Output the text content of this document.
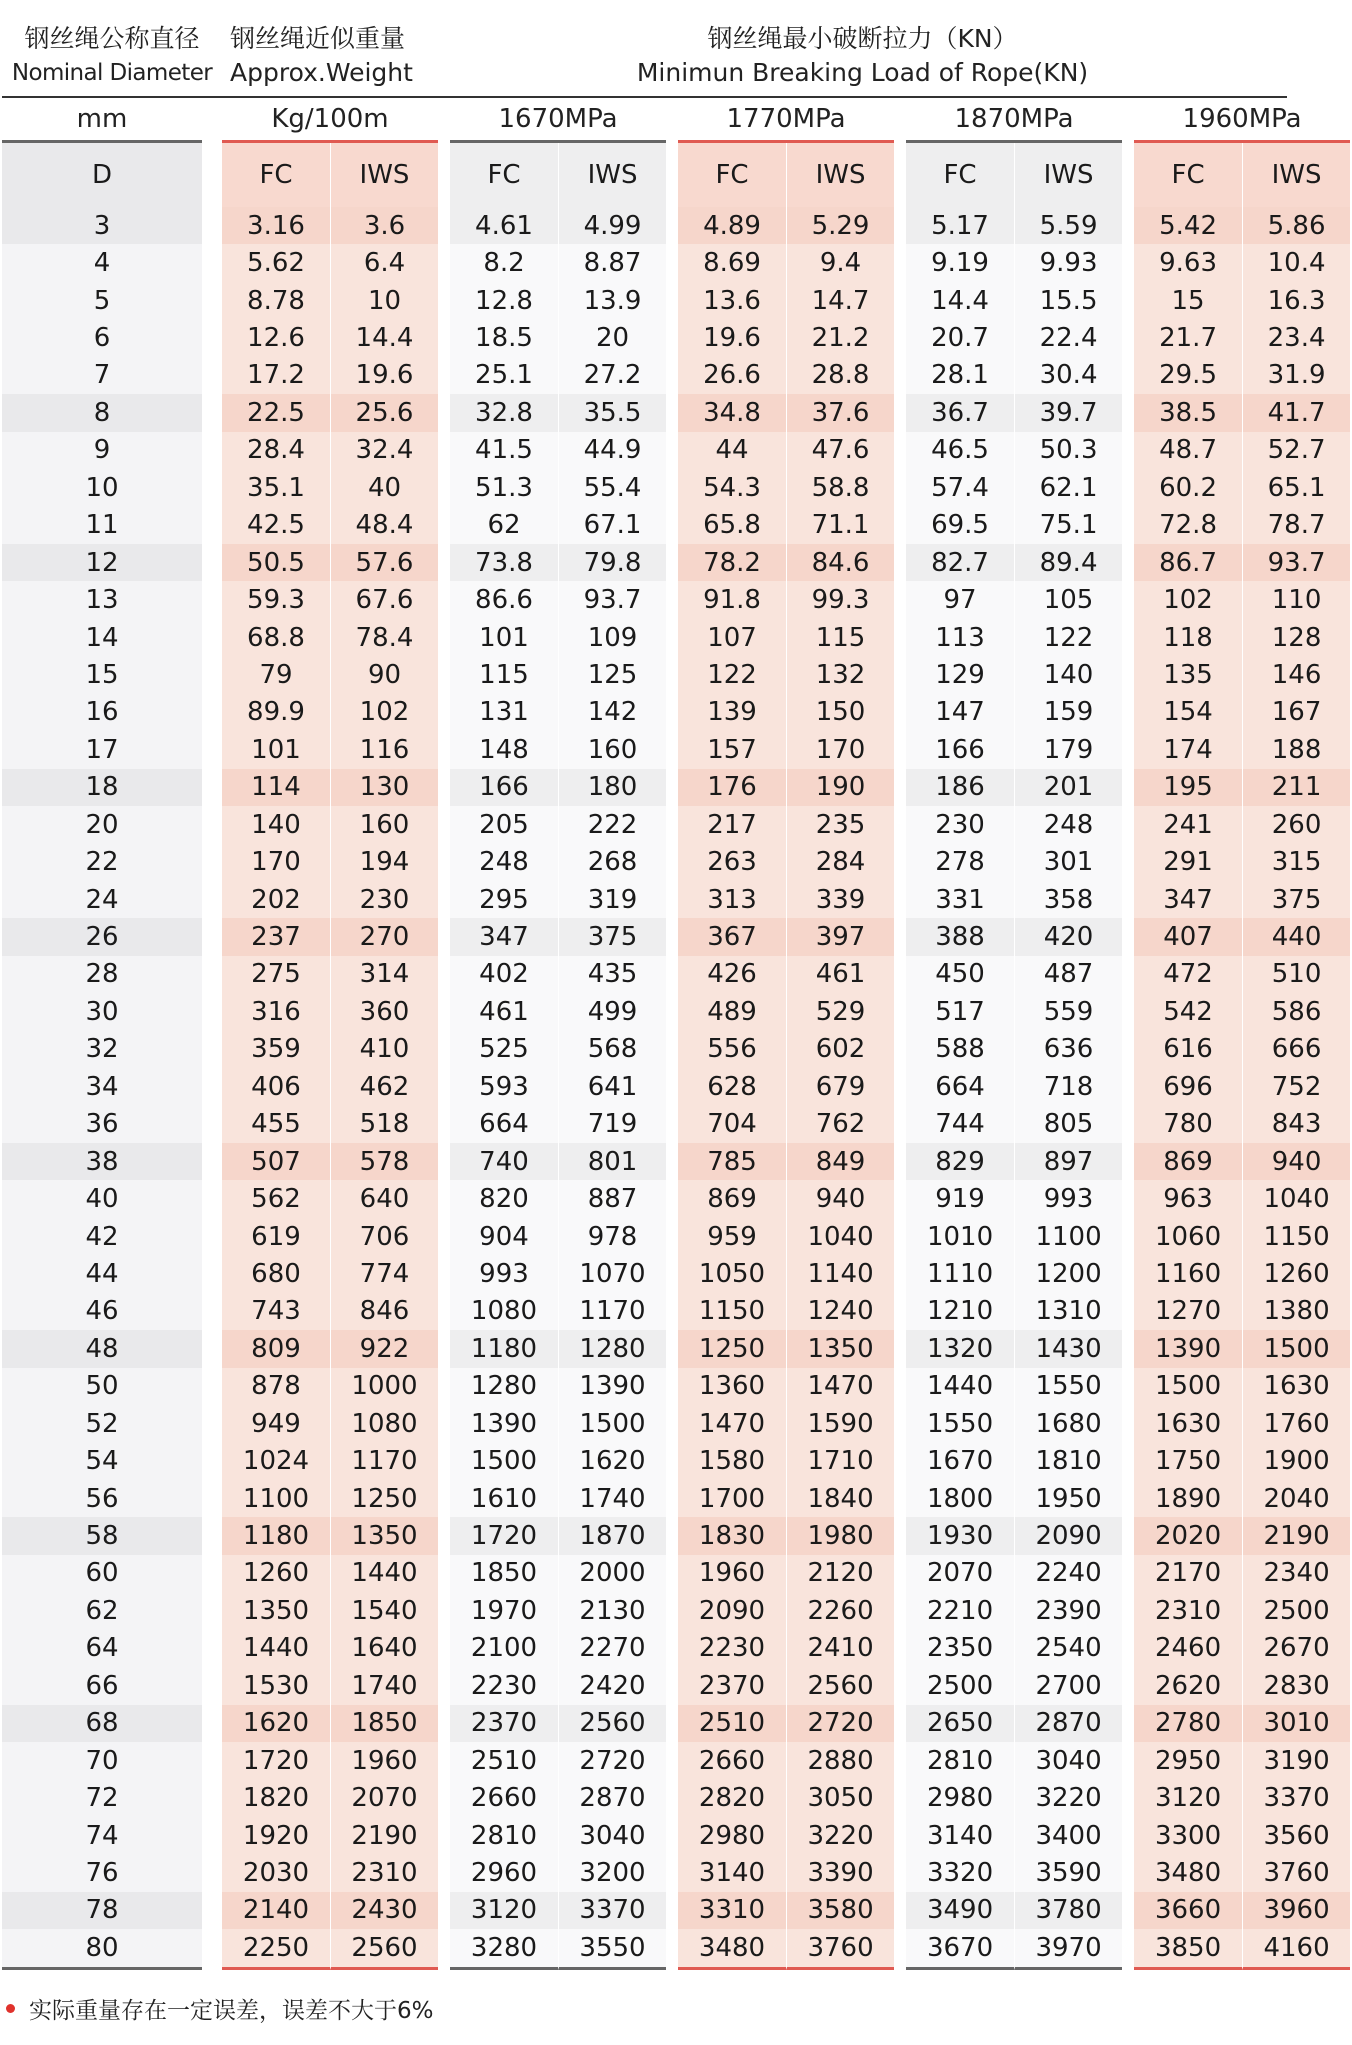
钢丝绳公称直径
Nominal Diameter
钢丝绳近似重量
Approx.Weight
钢丝绳最小破断拉力（KN）
Minimun Breaking Load of Rope(KN)
	mm		Kg/100m			1670MPa			1770MPa			1870MPa			1960MPa		
	D		FC	IWS		FC	IWS		FC	IWS		FC	IWS		FC	IWS	
	3		3.16	3.6		4.61	4.99		4.89	5.29		5.17	5.59		5.42	5.86	
	4		5.62	6.4		8.2	8.87		8.69	9.4		9.19	9.93		9.63	10.4	
	5		8.78	10		12.8	13.9		13.6	14.7		14.4	15.5		15	16.3	
	6		12.6	14.4		18.5	20		19.6	21.2		20.7	22.4		21.7	23.4	
	7		17.2	19.6		25.1	27.2		26.6	28.8		28.1	30.4		29.5	31.9	
	8		22.5	25.6		32.8	35.5		34.8	37.6		36.7	39.7		38.5	41.7	
	9		28.4	32.4		41.5	44.9		44	47.6		46.5	50.3		48.7	52.7	
	10		35.1	40		51.3	55.4		54.3	58.8		57.4	62.1		60.2	65.1	
	11		42.5	48.4		62	67.1		65.8	71.1		69.5	75.1		72.8	78.7	
	12		50.5	57.6		73.8	79.8		78.2	84.6		82.7	89.4		86.7	93.7	
	13		59.3	67.6		86.6	93.7		91.8	99.3		97	105		102	110	
	14		68.8	78.4		101	109		107	115		113	122		118	128	
	15		79	90		115	125		122	132		129	140		135	146	
	16		89.9	102		131	142		139	150		147	159		154	167	
	17		101	116		148	160		157	170		166	179		174	188	
	18		114	130		166	180		176	190		186	201		195	211	
	20		140	160		205	222		217	235		230	248		241	260	
	22		170	194		248	268		263	284		278	301		291	315	
	24		202	230		295	319		313	339		331	358		347	375	
	26		237	270		347	375		367	397		388	420		407	440	
	28		275	314		402	435		426	461		450	487		472	510	
	30		316	360		461	499		489	529		517	559		542	586	
	32		359	410		525	568		556	602		588	636		616	666	
	34		406	462		593	641		628	679		664	718		696	752	
	36		455	518		664	719		704	762		744	805		780	843	
	38		507	578		740	801		785	849		829	897		869	940	
	40		562	640		820	887		869	940		919	993		963	1040	
	42		619	706		904	978		959	1040		1010	1100		1060	1150	
	44		680	774		993	1070		1050	1140		1110	1200		1160	1260	
	46		743	846		1080	1170		1150	1240		1210	1310		1270	1380	
	48		809	922		1180	1280		1250	1350		1320	1430		1390	1500	
	50		878	1000		1280	1390		1360	1470		1440	1550		1500	1630	
	52		949	1080		1390	1500		1470	1590		1550	1680		1630	1760	
	54		1024	1170		1500	1620		1580	1710		1670	1810		1750	1900	
	56		1100	1250		1610	1740		1700	1840		1800	1950		1890	2040	
	58		1180	1350		1720	1870		1830	1980		1930	2090		2020	2190	
	60		1260	1440		1850	2000		1960	2120		2070	2240		2170	2340	
	62		1350	1540		1970	2130		2090	2260		2210	2390		2310	2500	
	64		1440	1640		2100	2270		2230	2410		2350	2540		2460	2670	
	66		1530	1740		2230	2420		2370	2560		2500	2700		2620	2830	
	68		1620	1850		2370	2560		2510	2720		2650	2870		2780	3010	
	70		1720	1960		2510	2720		2660	2880		2810	3040		2950	3190	
	72		1820	2070		2660	2870		2820	3050		2980	3220		3120	3370	
	74		1920	2190		2810	3040		2980	3220		3140	3400		3300	3560	
	76		2030	2310		2960	3200		3140	3390		3320	3590		3480	3760	
	78		2140	2430		3120	3370		3310	3580		3490	3780		3660	3960	
	80		2250	2560		3280	3550		3480	3760		3670	3970		3850	4160	
实际重量存在一定误差，误差不大于6%
